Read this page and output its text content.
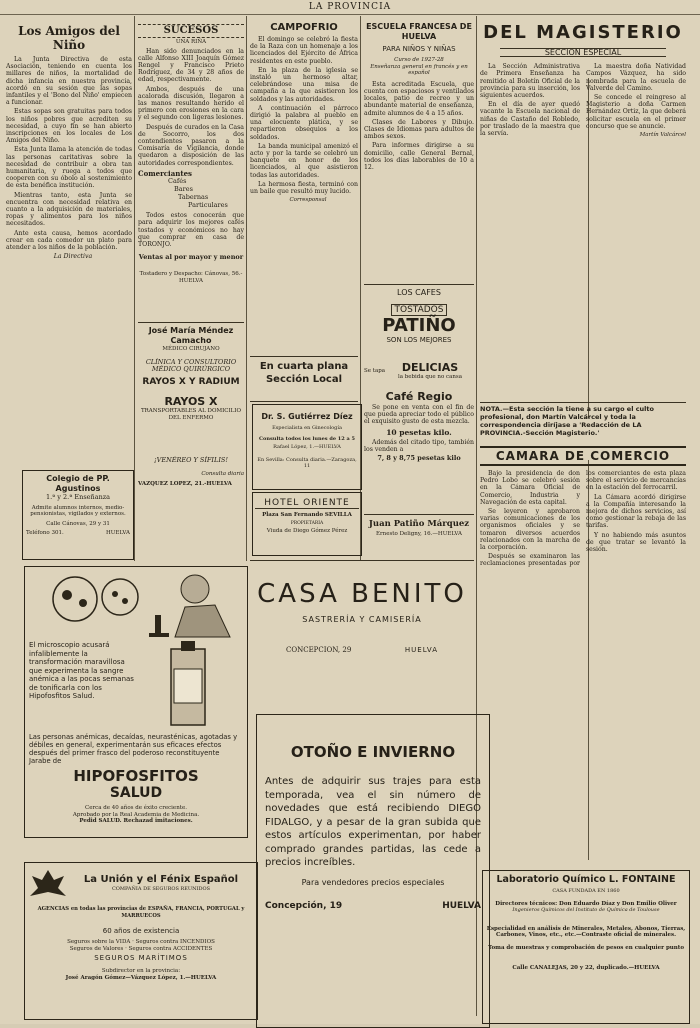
LA PROVINCIA
Los Amigos del Niño

La Junta Directiva de esta Asociación, teniendo en cuenta los millares de niños, la mortalidad de dicha infancia en nuestra provincia, acordó en su sesión que las sopas infantiles y el 'Bono del Niño' empiecen a funcionar.

Estas sopas son gratuitas para todos los niños pobres que acrediten su necesidad, a cuyo fin se han abierto inscripciones en los locales de Los Amigos del Niño.

Esta Junta llama la atención de todas las personas caritativas sobre la necesidad de contribuir a obra tan humanitaria, y ruega a todos que cooperen con su óbolo al sostenimiento de esta benéfica institución.

Mientras tanto, esta Junta se encuentra con necesidad relativa en cuanto a la adquisición de materiales, ropas y alimentos para los niños necesitados.

Ante esta causa, hemos acordado crear en cada comedor un plato para atender a los niños de la población.

La Directiva

Colegio de PP. Agustinos
1.ª y 2.ª Enseñanza
Admite alumnos internos, medio-pensionistas, vigilados y externos.
Calle Cánovas, 29 y 31
Teléfono 301.	HUELVA
SUCESOS
UNA RIÑA

Han sido denunciados en la calle Alfonso XIII Joaquín Gómez Rengel y Francisco Prieto Rodríguez, de 34 y 28 años de edad, respectivamente.

Ambos, después de una acalorada discusión, llegaron a las manos resultando herido el primero con erosiones en la cara y el segundo con ligeras lesiones.

Después de curados en la Casa de Socorro, los dos contendientes pasaron a la Comisaría de Vigilancia, donde quedaron a disposición de las autoridades correspondientes.

Comerciantes
Cafés
Bares
Tabernas
Particulares

Todos estos conocerán que para adquirir los mejores cafés tostados y económicos no hay que comprar en casa de TORONJO.

Ventas al por mayor y menor
Tostadero y Despacho: Cánovas, 56.-HUELVA
José María Méndez Camacho
MÉDICO CIRUJANO
CLÍNICA Y CONSULTORIO MÉDICO QUIRÚRGICO
RAYOS X Y RADIUM
RAYOS X
TRANSPORTABLES AL DOMICILIO DEL ENFERMO
¡VENÉREO Y SÍFILIS!
Consulta diaria
VAZQUEZ LOPEZ, 21.-HUELVA
CAMPOFRIO

El domingo se celebró la fiesta de la Raza con un homenaje a los licenciados del Ejército de África residentes en este pueblo.

En la plaza de la iglesia se instaló un hermoso altar, celebrándose una misa de campaña a la que asistieron los soldados y las autoridades.

A continuación el párroco dirigió la palabra al pueblo en una elocuente plática, y se repartieron obsequios a los soldados.

La banda municipal amenizó el acto y por la tarde se celebró un banquete en honor de los licenciados, al que asistieron todas las autoridades.

La hermosa fiesta, terminó con un baile que resultó muy lucido.

Corresponsal

En cuarta plana
Sección Local
Dr. S. Gutiérrez Díez
Especialista en Ginecología
Consulta todos los lunes de 12 a 5
Rafael López, 1.—HUELVA
En Sevilla: Consulta diaria.—Zaragoza, 11
HOTEL ORIENTE
Plaza San Fernando SEVILLA
PROPIETARIA
Viuda de Diego Gómez Pérez
ESCUELA FRANCESA DE HUELVA
PARA NIÑOS Y NIÑAS
Curso de 1927-28
Enseñanza general en francés y en español

Esta acreditada Escuela, que cuenta con espaciosos y ventilados locales, patio de recreo y un abundante material de enseñanza, admite alumnos de 4 a 15 años.

Clases de Labores y Dibujo. Clases de Idiomas para adultos de ambos sexos.

Para informes dirigirse a su domicilio, calle General Bernal, todos los días laborables de 10 a 12.

LOS CAFES
TOSTADOS
PATIÑO
SON LOS MEJORES
Se tapa	DELICIAS
la bebida que no cansa
Café Regio

Se pone en venta con el fin de que pueda apreciar todo el público el exquisito gusto de esta mezcla.

10 pesetas kilo.

Además del citado tipo, también los venden a

7, 8 y 8,75 pesetas kilo
Juan Patiño Márquez
Ernesto Deligny, 16.—HUELVA
DEL MAGISTERIO
SECCION ESPECIAL

La Sección Administrativa de Primera Enseñanza ha remitido al Boletín Oficial de la provincia para su inserción, los siguientes acuerdos.

En el día de ayer quedó vacante la Escuela nacional de niñas de Castaño del Robledo, por traslado de la maestra que la servía.

La maestra doña Natividad Campos Vázquez, ha sido nombrada para la escuela de Valverde del Camino.

Se concede el reingreso al Magisterio a doña Carmen Hernández Ortiz, la que deberá solicitar escuela en el primer concurso que se anuncie.

Martín Valcárcel

NOTA.—Esta sección la tiene a su cargo el culto profesional, don Martín Valcárcel y toda la correspondencia diríjase a 'Redacción de LA PROVINCIA.-Sección Magisterio.'
CAMARA DE COMERCIO

Bajo la presidencia de don Pedro Lobo se celebró sesión en la Cámara Oficial de Comercio, Industria y Navegación de esta capital.

Se leyeron y aprobaron varias comunicaciones de los organismos oficiales y se tomaron diversos acuerdos relacionados con la marcha de la corporación.

Después se examinaron las reclamaciones presentadas por los comerciantes de esta plaza sobre el servicio de mercancías en la estación del ferrocarril.

La Cámara acordó dirigirse a la Compañía interesando la mejora de dichos servicios, así como gestionar la rebaja de las tarifas.

Y no habiendo más asuntos de que tratar se levantó la sesión.

Laboratorio Químico L. FONTAINE
CASA FUNDADA EN 1860
Directores técnicos: Don Eduardo Díaz y Don Emilio Oliver
Ingenieros Químicos del Instituto de Química de Toulouse
Especialidad en análisis de Minerales, Metales, Abonos, Tierras, Carbones, Vinos, etc., etc.—Contraste oficial de minerales.
Toma de muestras y comprobación de pesos en cualquier punto
Calle CANALEJAS, 20 y 22, duplicado.—HUELVA
CASA BENITO
SASTRERÍA Y CAMISERÍA
CONCEPCION, 29	HUELVA
OTOÑO E INVIERNO
Antes de adquirir sus trajes para esta temporada, vea el sin número de novedades que está recibiendo DIEGO FIDALGO, y a pesar de la gran subida que estos artículos experimentan, por haber comprado grandes partidas, las cede a precios increíbles.
Para vendedores precios especiales
Concepción, 19	HUELVA
El microscopio acusará infaliblemente la transformación maravillosa que experimenta la sangre anémica a las pocas semanas de tonificarla con los Hipofosfitos Salud.
Las personas anémicas, decaídas, neurasténicas, agotadas y débiles en general, experimentarán sus eficaces efectos después del primer frasco del poderoso reconstituyente Jarabe de
HIPOFOSFITOS
SALUD
Cerca de 40 años de éxito creciente.
Aprobado por la Real Academia de Medicina.
Pedid SALUD. Rechazad imitaciones.
La Unión y el Fénix Español
COMPAÑIA DE SEGUROS REUNIDOS
AGENCIAS en todas las provincias de ESPAÑA, FRANCIA, PORTUGAL y MARRUECOS
60 años de existencia
Seguros sobre la VIDA · Seguros contra INCENDIOS
Seguros de Valores · Seguros contra ACCIDENTES
SEGUROS MARÍTIMOS
Subdirector en la provincia:
José Aragón Gómez—Vázquez López, 1.—HUELVA
